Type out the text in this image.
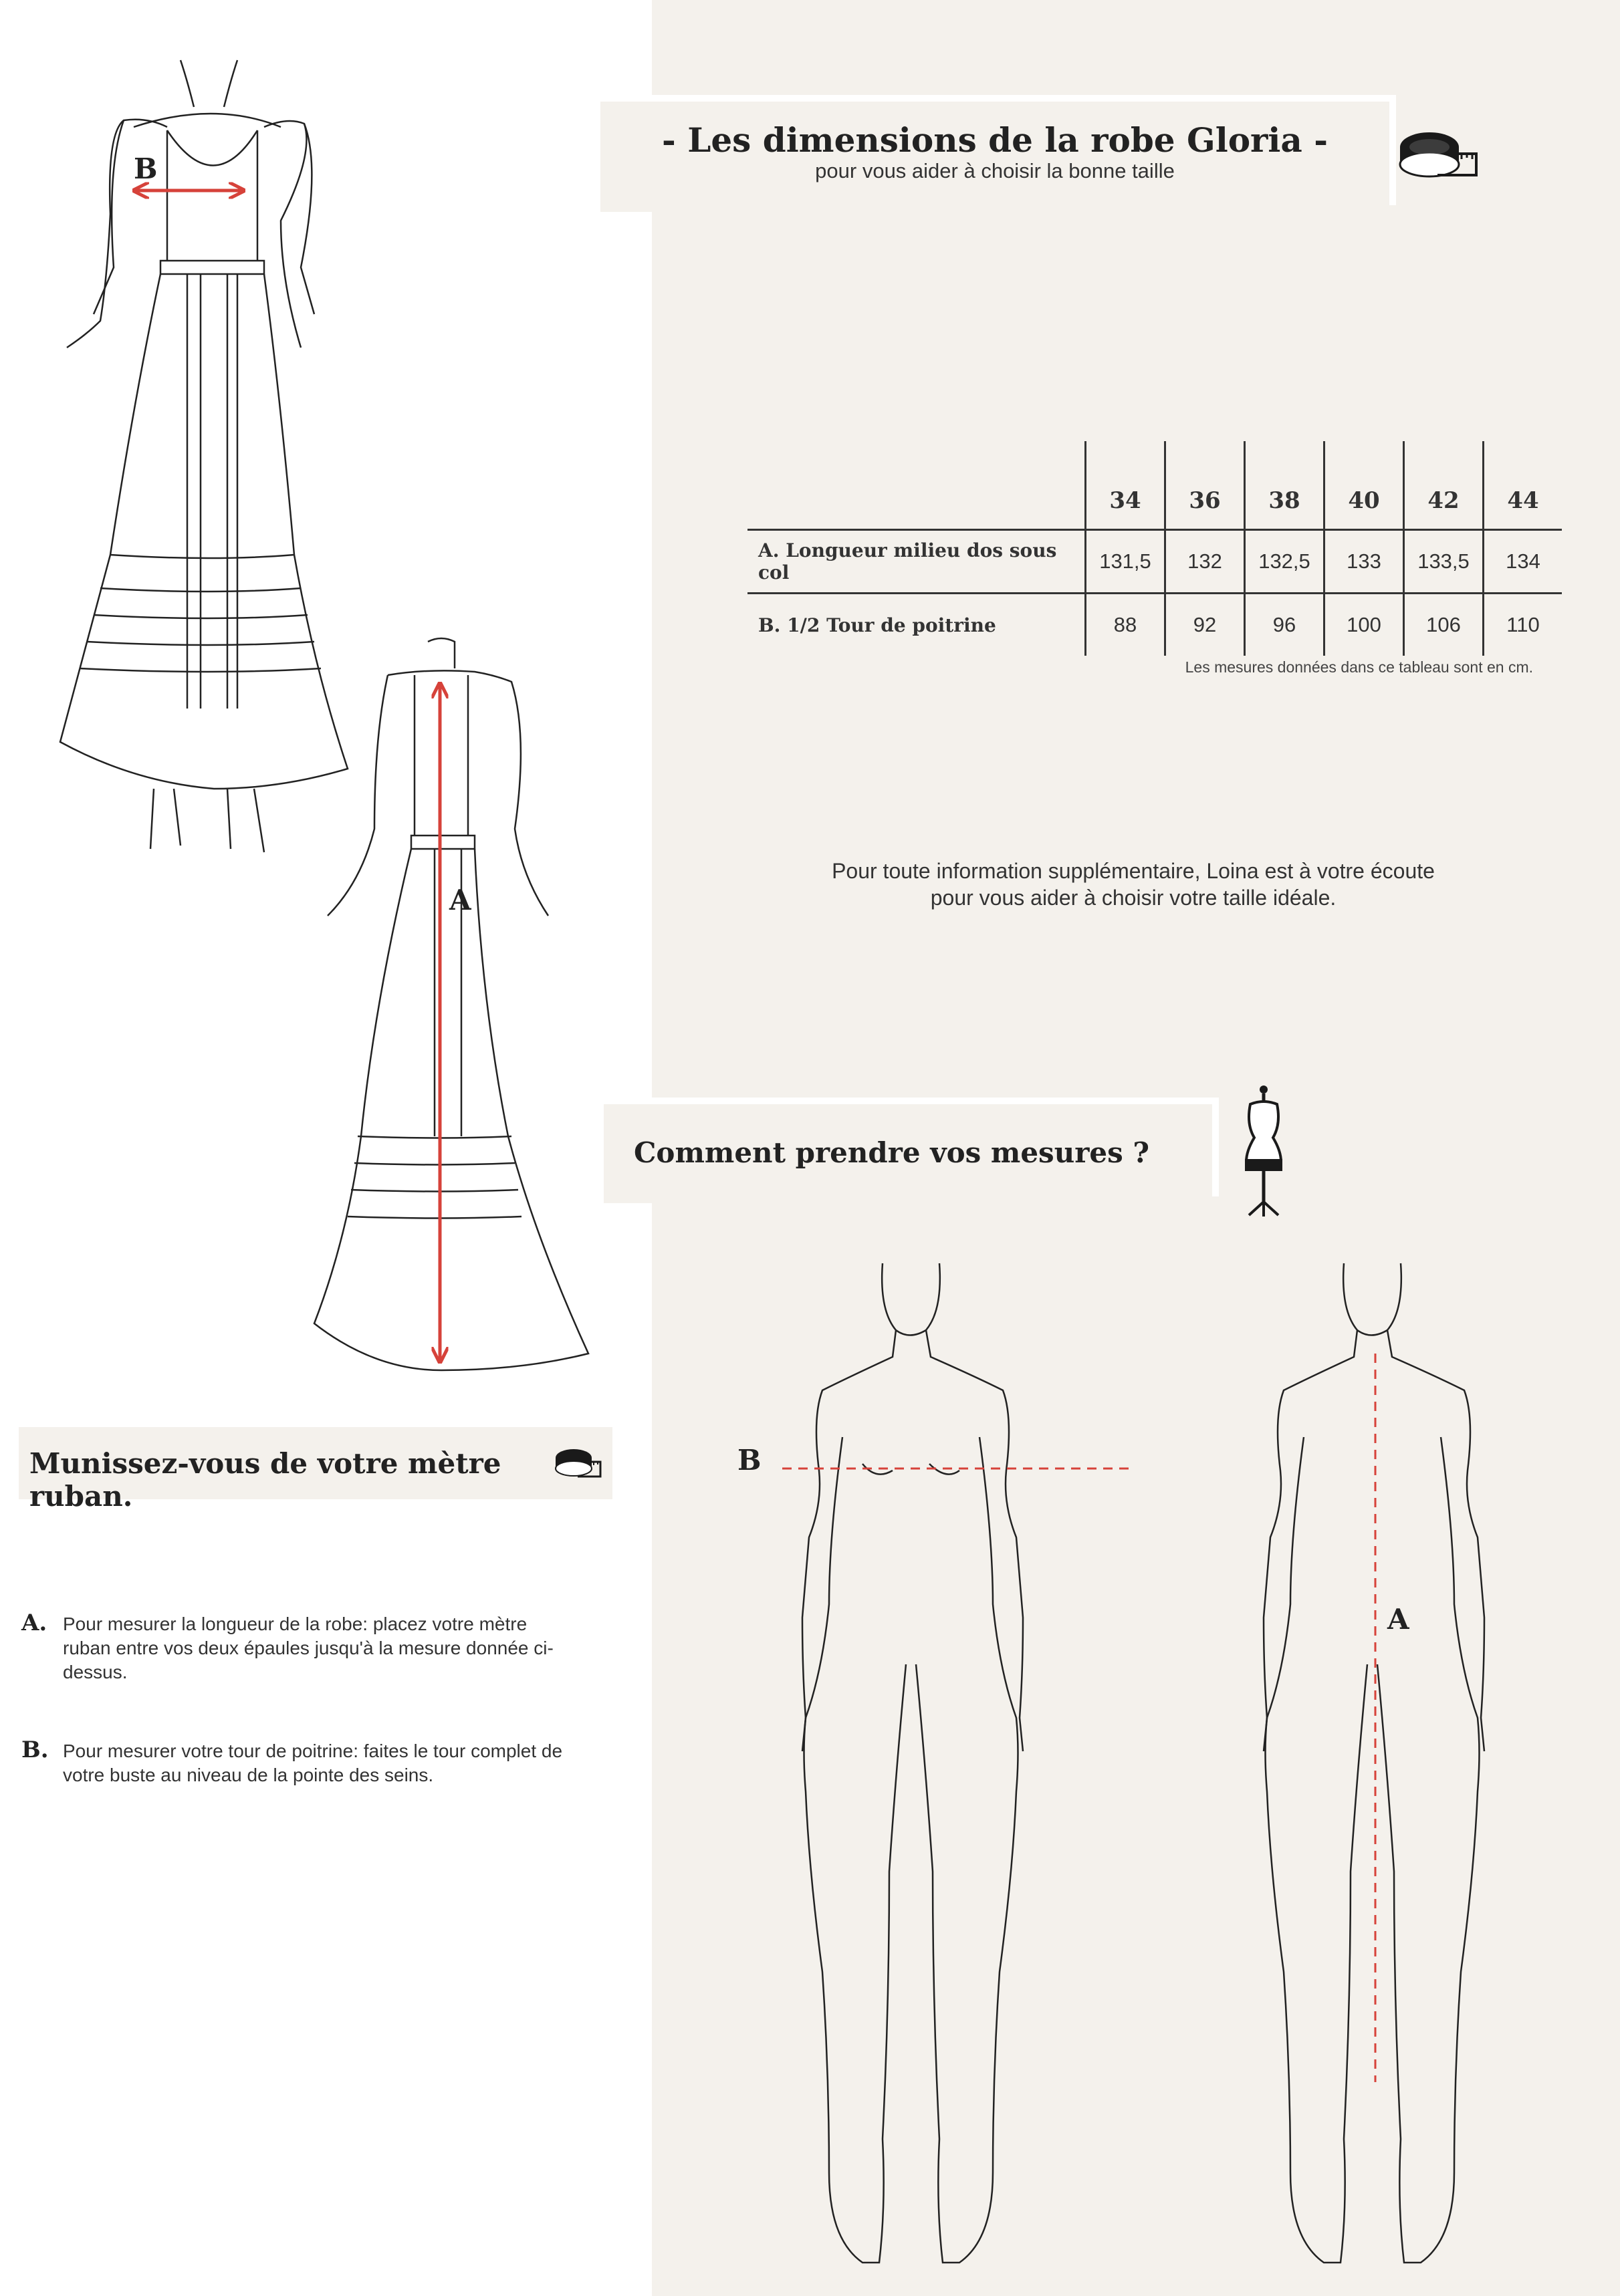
- Les dimensions de la robe Gloria -
pour vous aider à choisir la bonne taille
	34	36	38	40	42	44
A. Longueur milieu dos sous col	131,5	132	132,5	133	133,5	134
B. 1/2 Tour de poitrine	88	92	96	100	106	110
Les mesures données dans ce tableau sont en cm.
Pour toute information supplémentaire, Loina est à votre écoute
pour vous aider à choisir votre taille idéale.
Comment prendre vos mesures ?
Munissez-vous de votre mètre ruban.
A. Pour mesurer la longueur de la robe: placez votre mètre ruban entre vos deux épaules jusqu'à la mesure donnée ci-dessus.
B. Pour mesurer votre tour de poitrine: faites le tour complet de votre buste au niveau de la pointe des seins.
B
A
B
A
